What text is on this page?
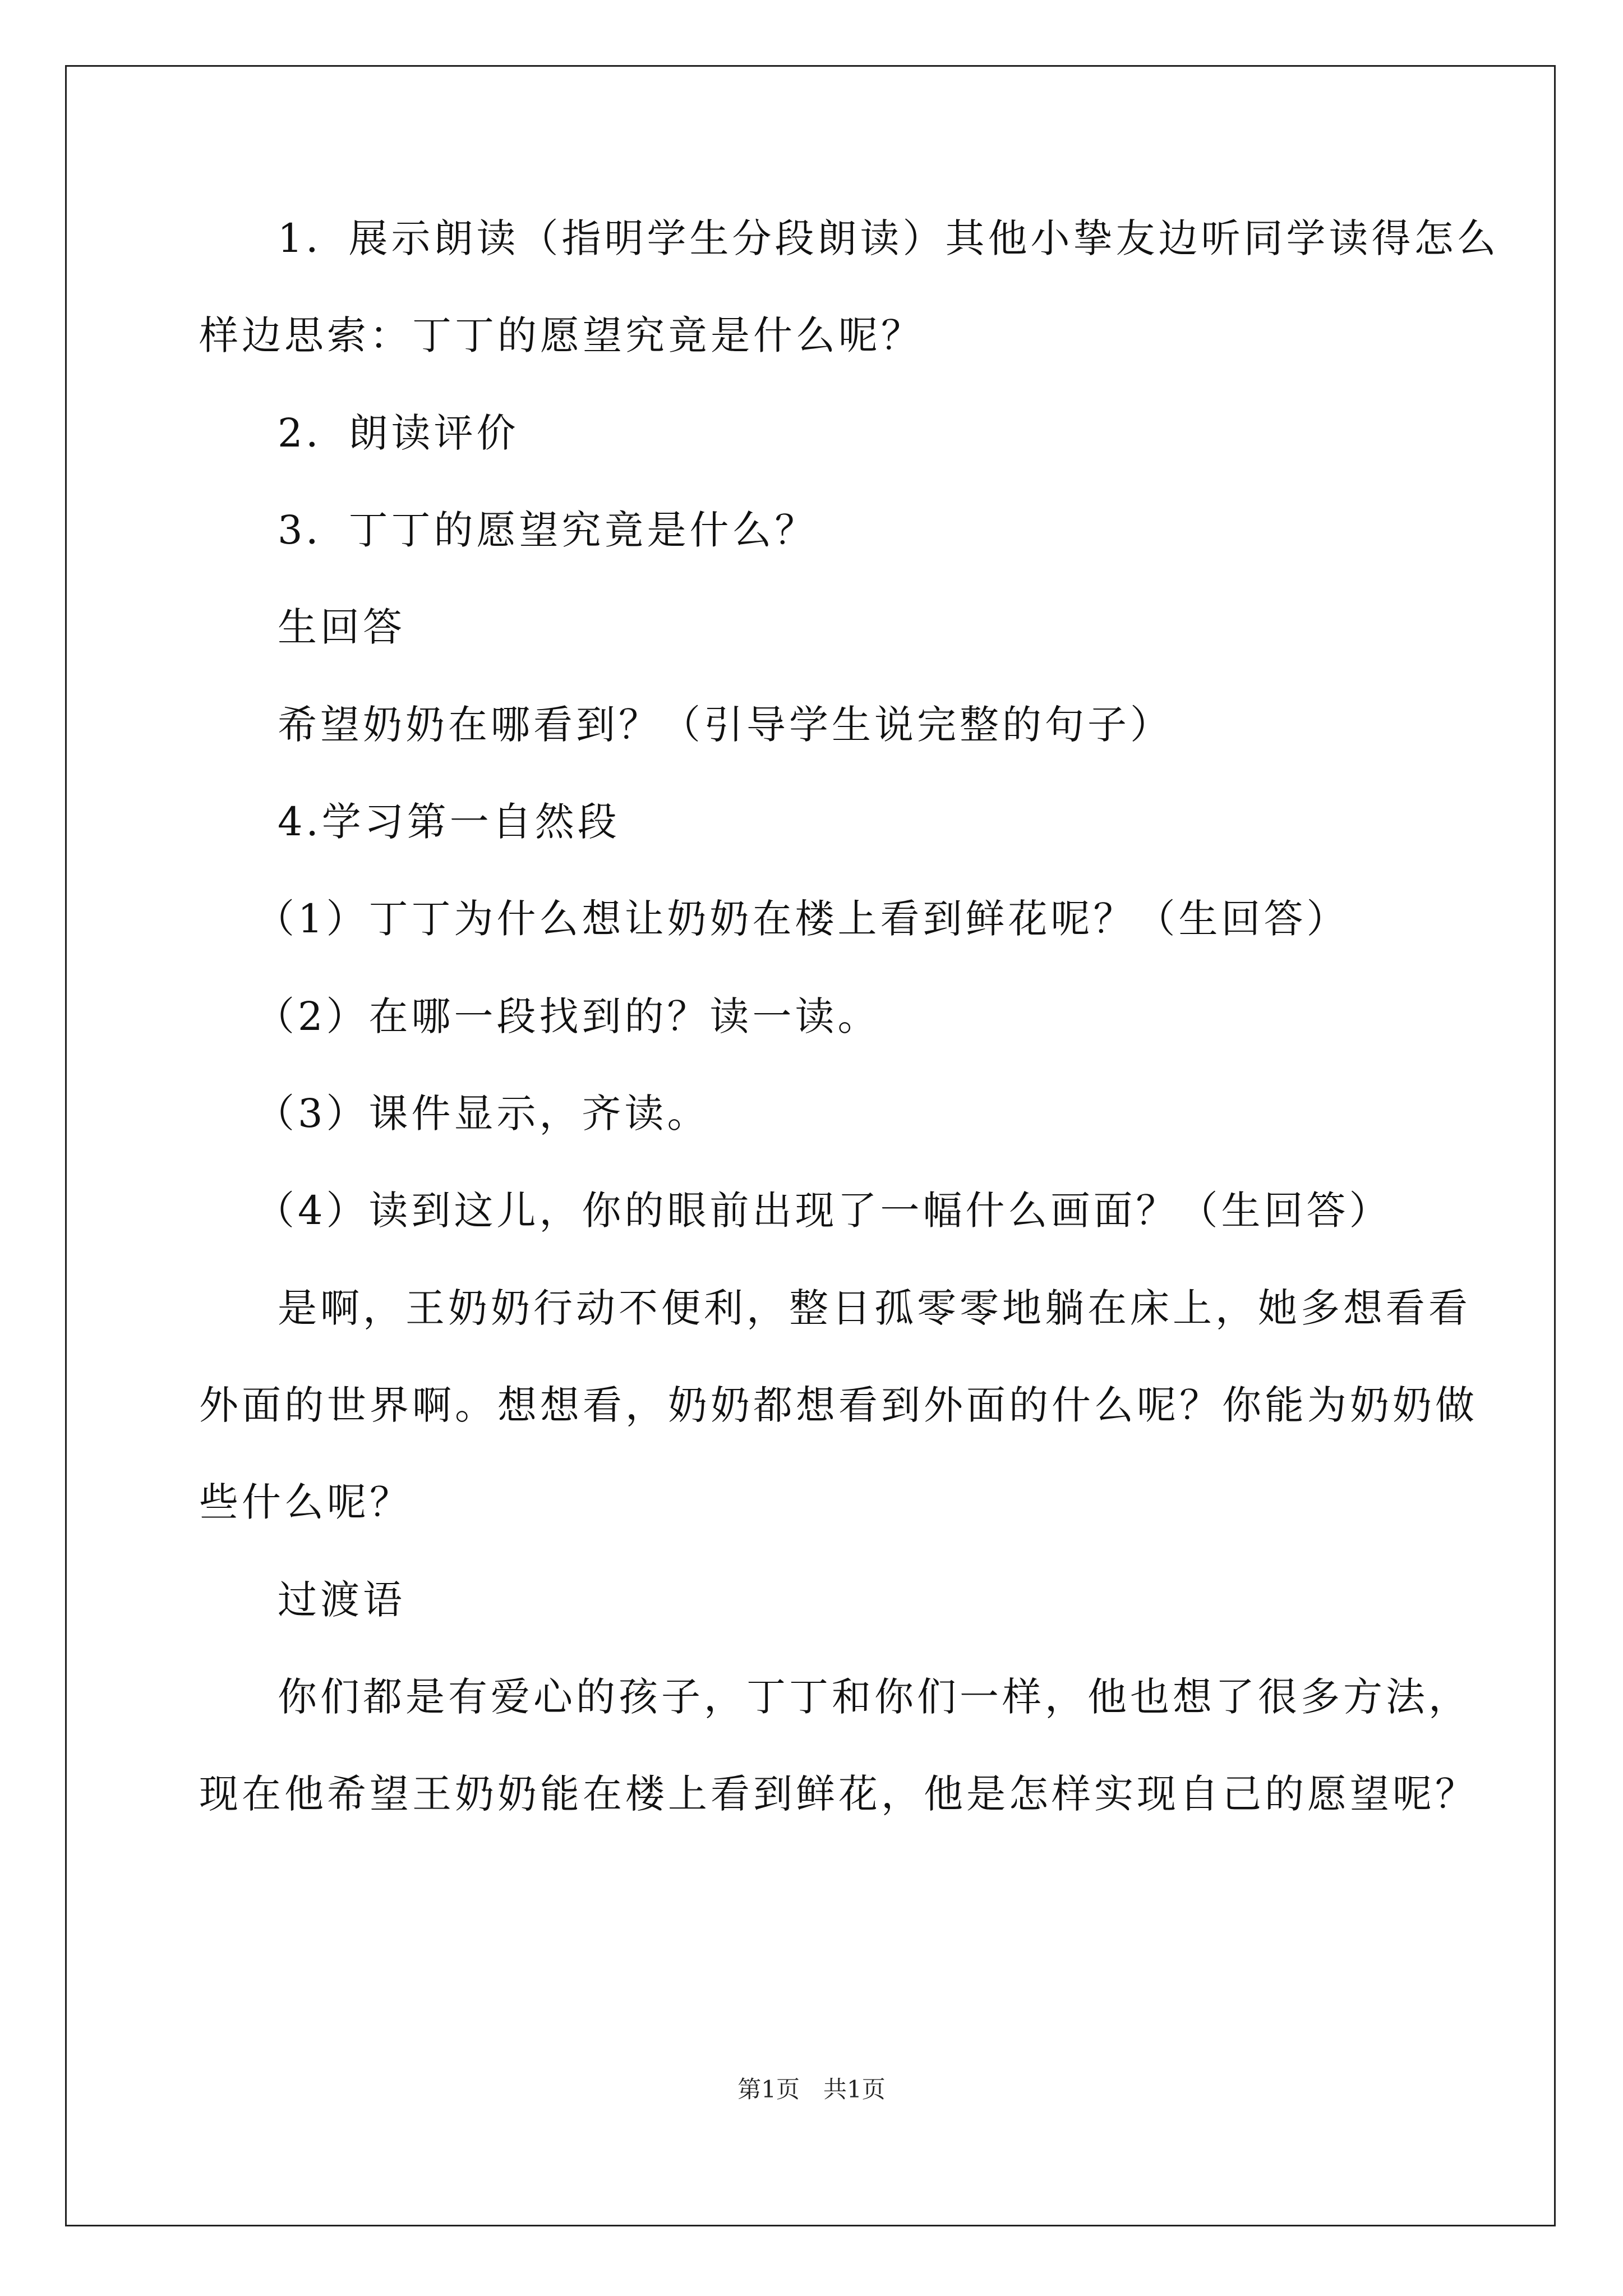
1．展示朗读（指明学生分段朗读）其他小挚友边听同学读得怎么
样边思索：丁丁的愿望究竟是什么呢？
2．朗读评价
3．丁丁的愿望究竟是什么？
生回答
希望奶奶在哪看到？（引导学生说完整的句子）
4.学习第一自然段
（1）丁丁为什么想让奶奶在楼上看到鲜花呢？（生回答）
（2）在哪一段找到的？读一读。
（3）课件显示，齐读。
（4）读到这儿，你的眼前出现了一幅什么画面？（生回答）
是啊，王奶奶行动不便利，整日孤零零地躺在床上，她多想看看
外面的世界啊。想想看，奶奶都想看到外面的什么呢？你能为奶奶做
些什么呢？
过渡语
你们都是有爱心的孩子，丁丁和你们一样，他也想了很多方法，
现在他希望王奶奶能在楼上看到鲜花，他是怎样实现自己的愿望呢？
第1页　共1页
